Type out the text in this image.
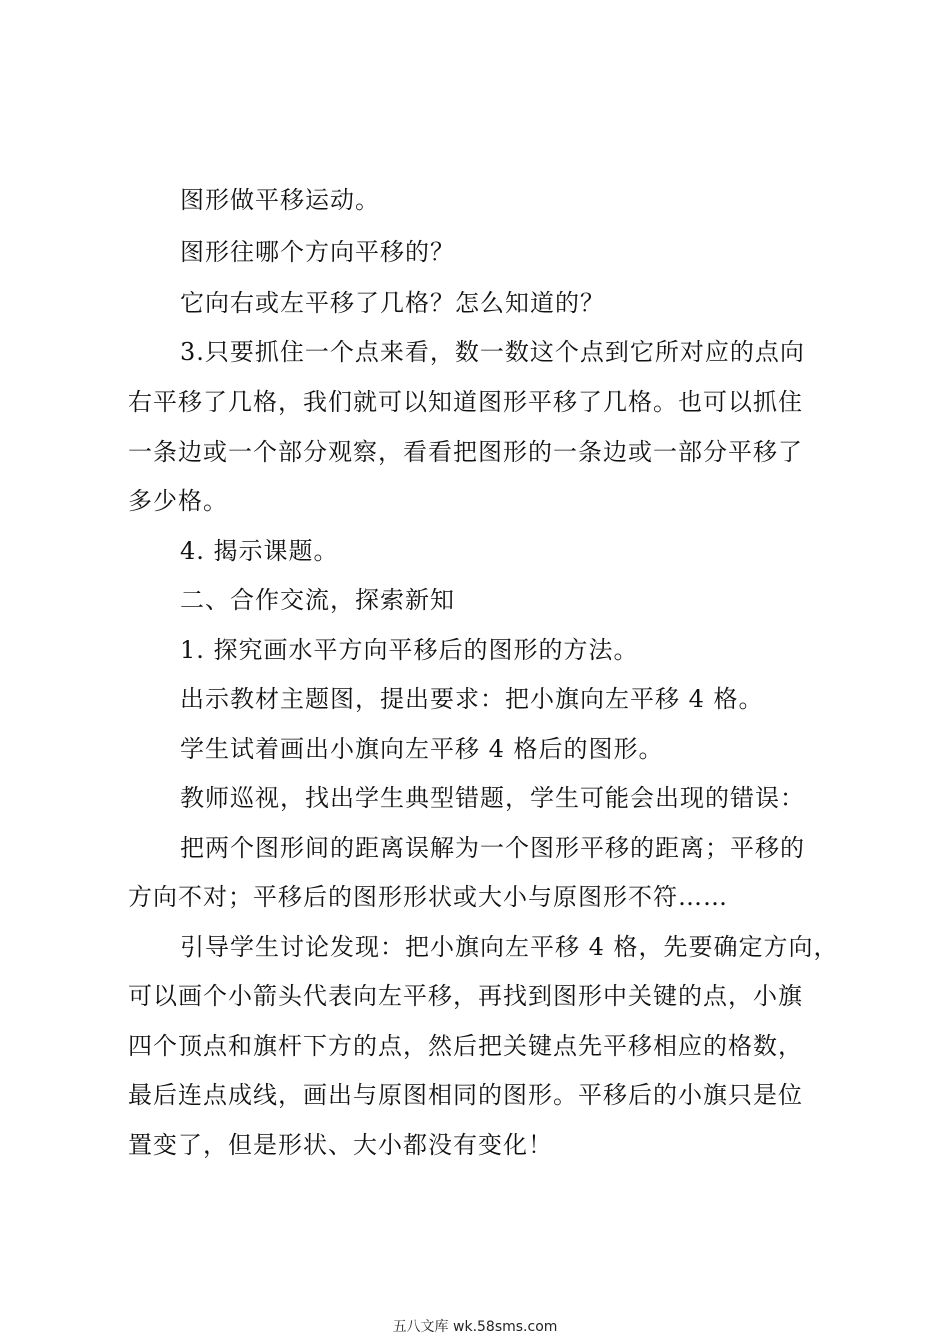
图形做平移运动。
图形往哪个方向平移的？
它向右或左平移了几格？怎么知道的？
3.只要抓住一个点来看，数一数这个点到它所对应的点向
右平移了几格，我们就可以知道图形平移了几格。也可以抓住
一条边或一个部分观察，看看把图形的一条边或一部分平移了
多少格。
4. 揭示课题。
二、合作交流，探索新知
1. 探究画水平方向平移后的图形的方法。
出示教材主题图，提出要求：把小旗向左平移 4 格。
学生试着画出小旗向左平移 4 格后的图形。
教师巡视，找出学生典型错题，学生可能会出现的错误：
把两个图形间的距离误解为一个图形平移的距离；平移的
方向不对；平移后的图形形状或大小与原图形不符……
引导学生讨论发现：把小旗向左平移 4 格，先要确定方向，
可以画个小箭头代表向左平移，再找到图形中关键的点，小旗
四个顶点和旗杆下方的点，然后把关键点先平移相应的格数，
最后连点成线，画出与原图相同的图形。平移后的小旗只是位
置变了，但是形状、大小都没有变化！
五八文库 wk.58sms.com
